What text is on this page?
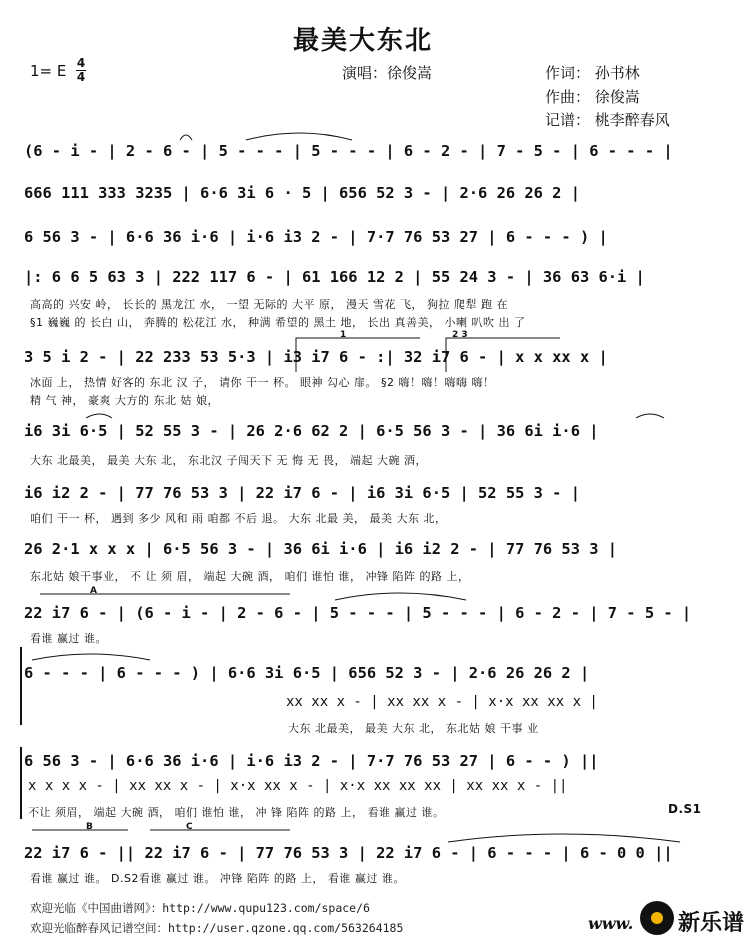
最美大东北
1= E 4
4	演唱：徐俊嵩	作词： 孙书林
作曲： 徐俊嵩
记谱： 桃李醉春风
A
B	C
1	2 3
(6 - i - | 2 - 6 - | 5 - - - | 5 - - - | 6 - 2 - | 7 - 5 - | 6 - - - |
666 111 333 3235 | 6·6 3i 6 · 5 | 656 52 3 - | 2·6 26 26 2 |
6 56 3 - | 6·6 36 i·6 | i·6 i3 2 - | 7·7 76 53 27 | 6 - - - ) |
|: 6 6 5 63 3 | 222 117 6 - | 61 166 12 2 | 55 24 3 - | 36 63 6·i |
高高的 兴安 岭， 长长的 黑龙江 水， 一望 无际的 大平 原， 漫天 雪花 飞， 狗拉 爬犁 跑 在
§1 巍巍 的 长白 山， 奔腾的 松花江 水， 种满 希望的 黑土 地， 长出 真善美， 小喇 叭吹 出 了
3 5 i 2 - | 22 233 53 5·3 | i3 i7 6 - :| 32 i7 6 - | x x xx x |
冰面 上， 热情 好客的 东北 汉 子， 请你 干一 杯。 眼神 勾心 扉。 §2 嗨！嗨！嗨嗨 嗨！
精 气 神， 豪爽 大方的 东北 姑 娘，
i6 3i 6·5 | 52 55 3 - | 26 2·6 62 2 | 6·5 56 3 - | 36 6i i·6 |
大东 北最美， 最美 大东 北， 东北汉 子闯天下 无 悔 无 畏， 端起 大碗 酒，
i6 i2 2 - | 77 76 53 3 | 22 i7 6 - | i6 3i 6·5 | 52 55 3 - |
咱们 干一 杯， 遇到 多少 风和 雨 咱都 不后 退。 大东 北最 美， 最美 大东 北，
26 2·1 x x x | 6·5 56 3 - | 36 6i i·6 | i6 i2 2 - | 77 76 53 3 |
东北姑 娘干事业， 不 让 须 眉， 端起 大碗 酒， 咱们 谁怕 谁， 冲锋 陷阵 的路 上，
22 i7 6 - | (6 - i - | 2 - 6 - | 5 - - - | 5 - - - | 6 - 2 - | 7 - 5 - |
看谁 赢过 谁。
6 - - - | 6 - - - ) | 6·6 3i 6·5 | 656 52 3 - | 2·6 26 26 2 |
xx xx x - | xx xx x - | x·x xx xx x |
大东 北最美， 最美 大东 北， 东北姑 娘 干事 业
6 56 3 - | 6·6 36 i·6 | i·6 i3 2 - | 7·7 76 53 27 | 6 - - ) ||
x x x x - | xx xx x - | x·x xx x - | x·x xx xx xx | xx xx x - ||
不让 须眉， 端起 大碗 酒， 咱们 谁怕 谁， 冲 锋 陷阵 的路 上， 看谁 赢过 谁。	D.S1
22 i7 6 - || 22 i7 6 - | 77 76 53 3 | 22 i7 6 - | 6 - - - | 6 - 0 0 ||
看谁 赢过 谁。 D.S2看谁 赢过 谁。 冲锋 陷阵 的路 上， 看谁 赢过 谁。
欢迎光临《中国曲谱网》：http://www.qupu123.com/space/6
欢迎光临醉春风记谱空间：http://user.qzone.qq.com/563264185	www. 新乐谱
